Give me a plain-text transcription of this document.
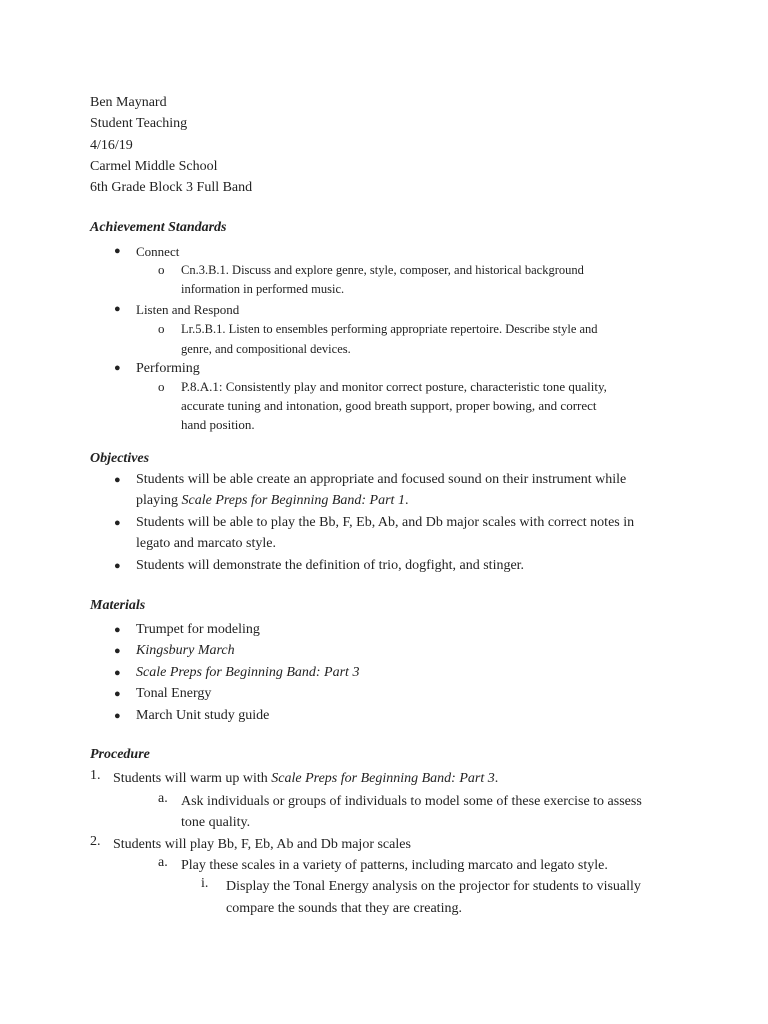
Ben Maynard
Student Teaching
4/16/19
Carmel Middle School
6th Grade Block 3 Full Band
Achievement Standards
● Connect
o Cn.3.B.1. Discuss and explore genre, style, composer, and historical background
information in performed music.
● Listen and Respond
o Lr.5.B.1. Listen to ensembles performing appropriate repertoire. Describe style and
genre, and compositional devices.
● Performing
o P.8.A.1: Consistently play and monitor correct posture, characteristic tone quality,
accurate tuning and intonation, good breath support, proper bowing, and correct
hand position.
Objectives
● Students will be able create an appropriate and focused sound on their instrument while
playing Scale Preps for Beginning Band: Part 1.
● Students will be able to play the Bb, F, Eb, Ab, and Db major scales with correct notes in
legato and marcato style.
● Students will demonstrate the definition of trio, dogfight, and stinger.
Materials
● Trumpet for modeling
● Kingsbury March
● Scale Preps for Beginning Band: Part 3
● Tonal Energy
● March Unit study guide
Procedure
1. Students will warm up with Scale Preps for Beginning Band: Part 3.
a. Ask individuals or groups of individuals to model some of these exercise to assess
tone quality.
2. Students will play Bb, F, Eb, Ab and Db major scales
a. Play these scales in a variety of patterns, including marcato and legato style.
i. Display the Tonal Energy analysis on the projector for students to visually
compare the sounds that they are creating.
